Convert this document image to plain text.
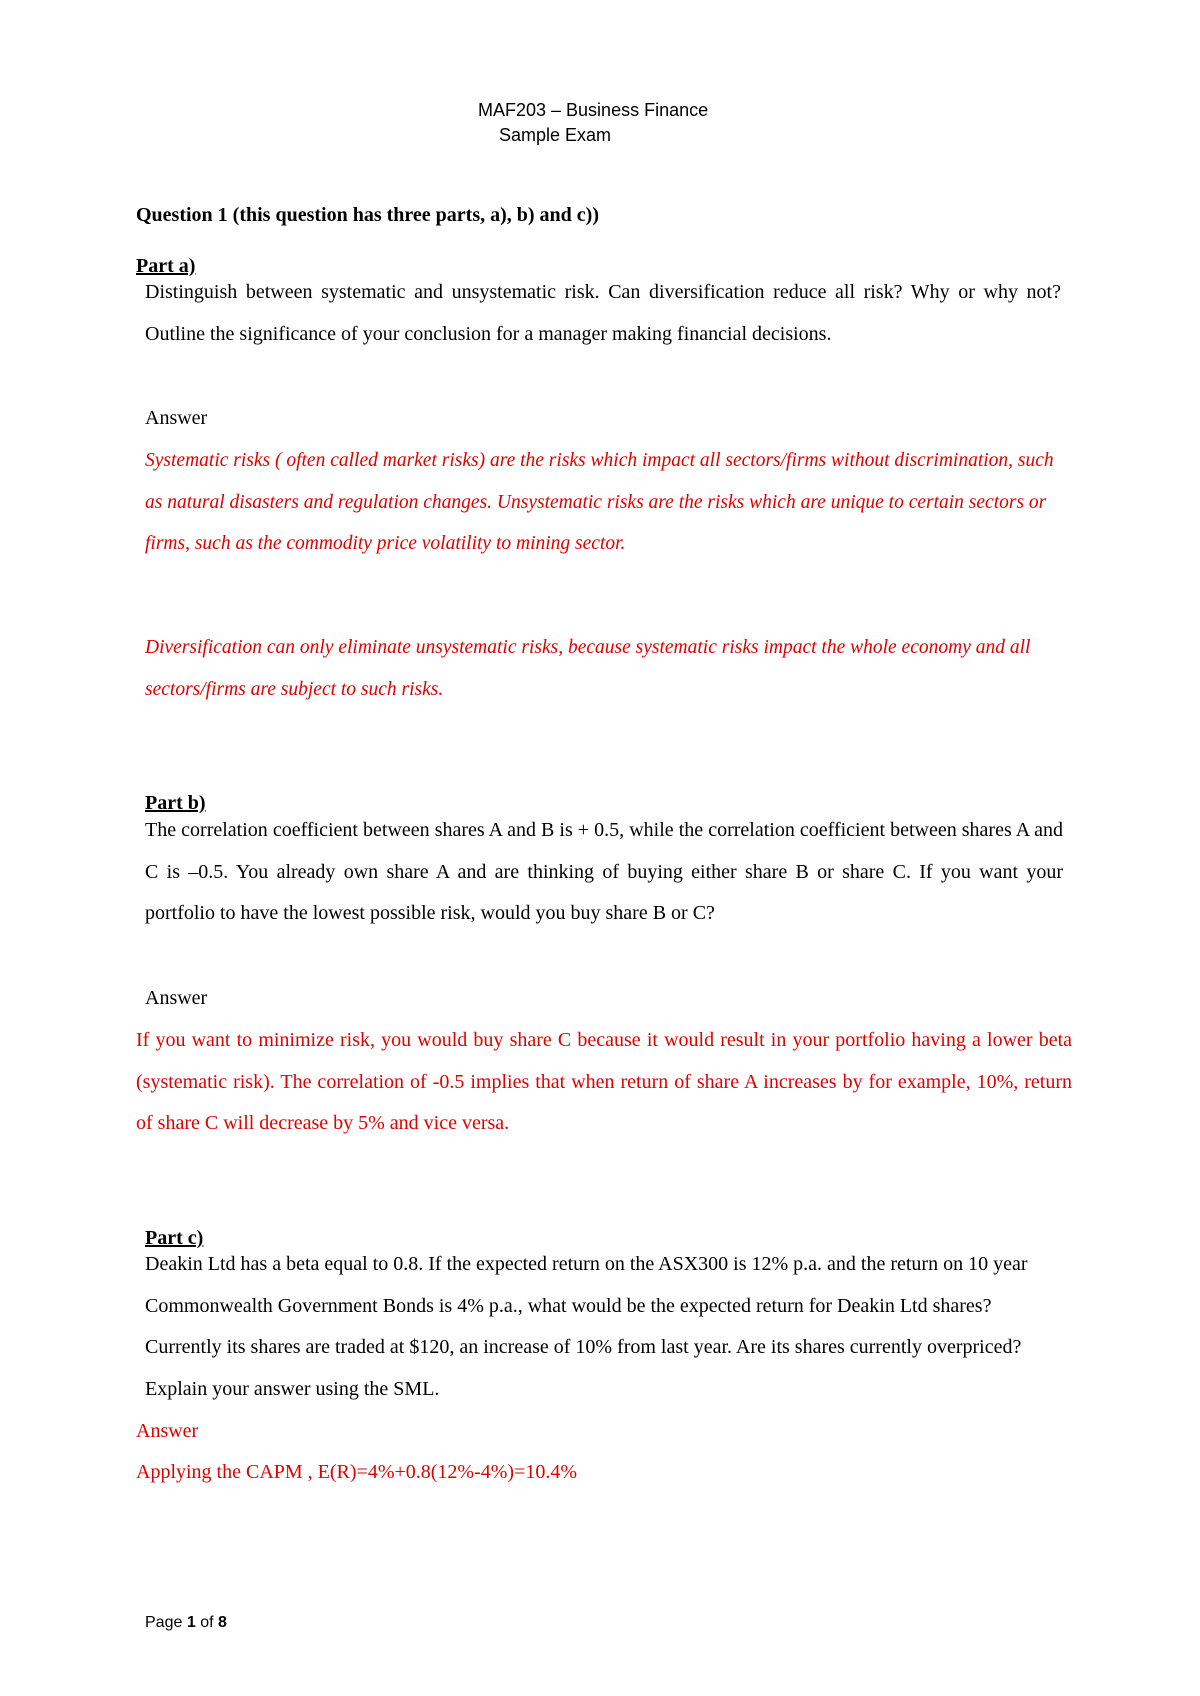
MAF203 – Business Finance
Sample Exam
Question 1 (this question has three parts, a), b) and c))
Part a)

Distinguish between systematic and unsystematic risk. Can diversification reduce all risk? Why or why not? Outline the significance of your conclusion for a manager making financial decisions.

Answer

Systematic risks ( often called market risks) are the risks which impact all sectors/firms without discrimination, such as natural disasters and regulation changes. Unsystematic risks are the risks which are unique to certain sectors or firms, such as the commodity price volatility to mining sector.

Diversification can only eliminate unsystematic risks, because systematic risks impact the whole economy and all sectors/firms are subject to such risks.

Part b)

The correlation coefficient between shares A and B is + 0.5, while the correlation coefficient between shares A and C is –0.5. You already own share A and are thinking of buying either share B or share C. If you want your portfolio to have the lowest possible risk, would you buy share B or C?

Answer

If you want to minimize risk, you would buy share C because it would result in your portfolio having a lower beta (systematic risk). The correlation of -0.5 implies that when return of share A increases by for example, 10%, return of share C will decrease by 5% and vice versa.

Part c)

Deakin Ltd has a beta equal to 0.8. If the expected return on the ASX300 is 12% p.a. and the return on 10 year Commonwealth Government Bonds is 4% p.a., what would be the expected return for Deakin Ltd shares? Currently its shares are traded at $120, an increase of 10% from last year. Are its shares currently overpriced? Explain your answer using the SML.

Answer
Applying the CAPM , E(R)=4%+0.8(12%-4%)=10.4%
Page 1 of 8
